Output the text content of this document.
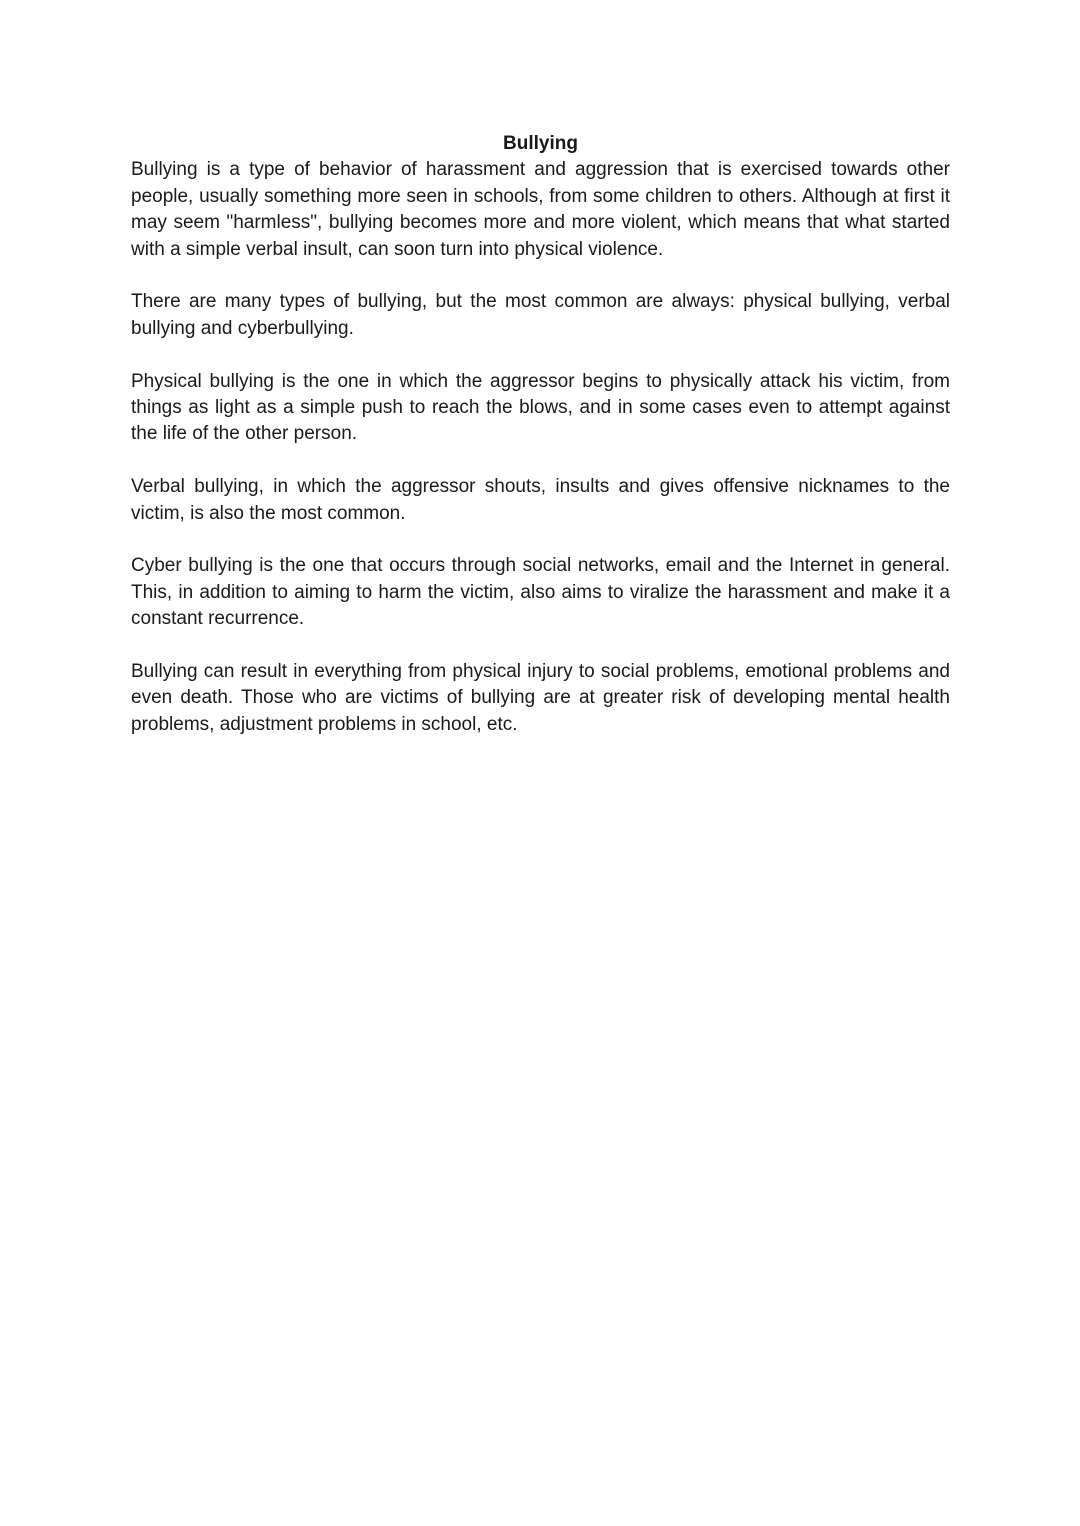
Bullying

Bullying is a type of behavior of harassment and aggression that is exercised towards other people, usually something more seen in schools, from some children to others. Although at first it may seem "harmless", bullying becomes more and more violent, which means that what started with a simple verbal insult, can soon turn into physical violence.

There are many types of bullying, but the most common are always: physical bullying, verbal bullying and cyberbullying.

Physical bullying is the one in which the aggressor begins to physically attack his victim, from things as light as a simple push to reach the blows, and in some cases even to attempt against the life of the other person.

Verbal bullying, in which the aggressor shouts, insults and gives offensive nicknames to the victim, is also the most common.

Cyber bullying is the one that occurs through social networks, email and the Internet in general. This, in addition to aiming to harm the victim, also aims to viralize the harassment and make it a constant recurrence.

Bullying can result in everything from physical injury to social problems, emotional problems and even death. Those who are victims of bullying are at greater risk of developing mental health problems, adjustment problems in school, etc.
